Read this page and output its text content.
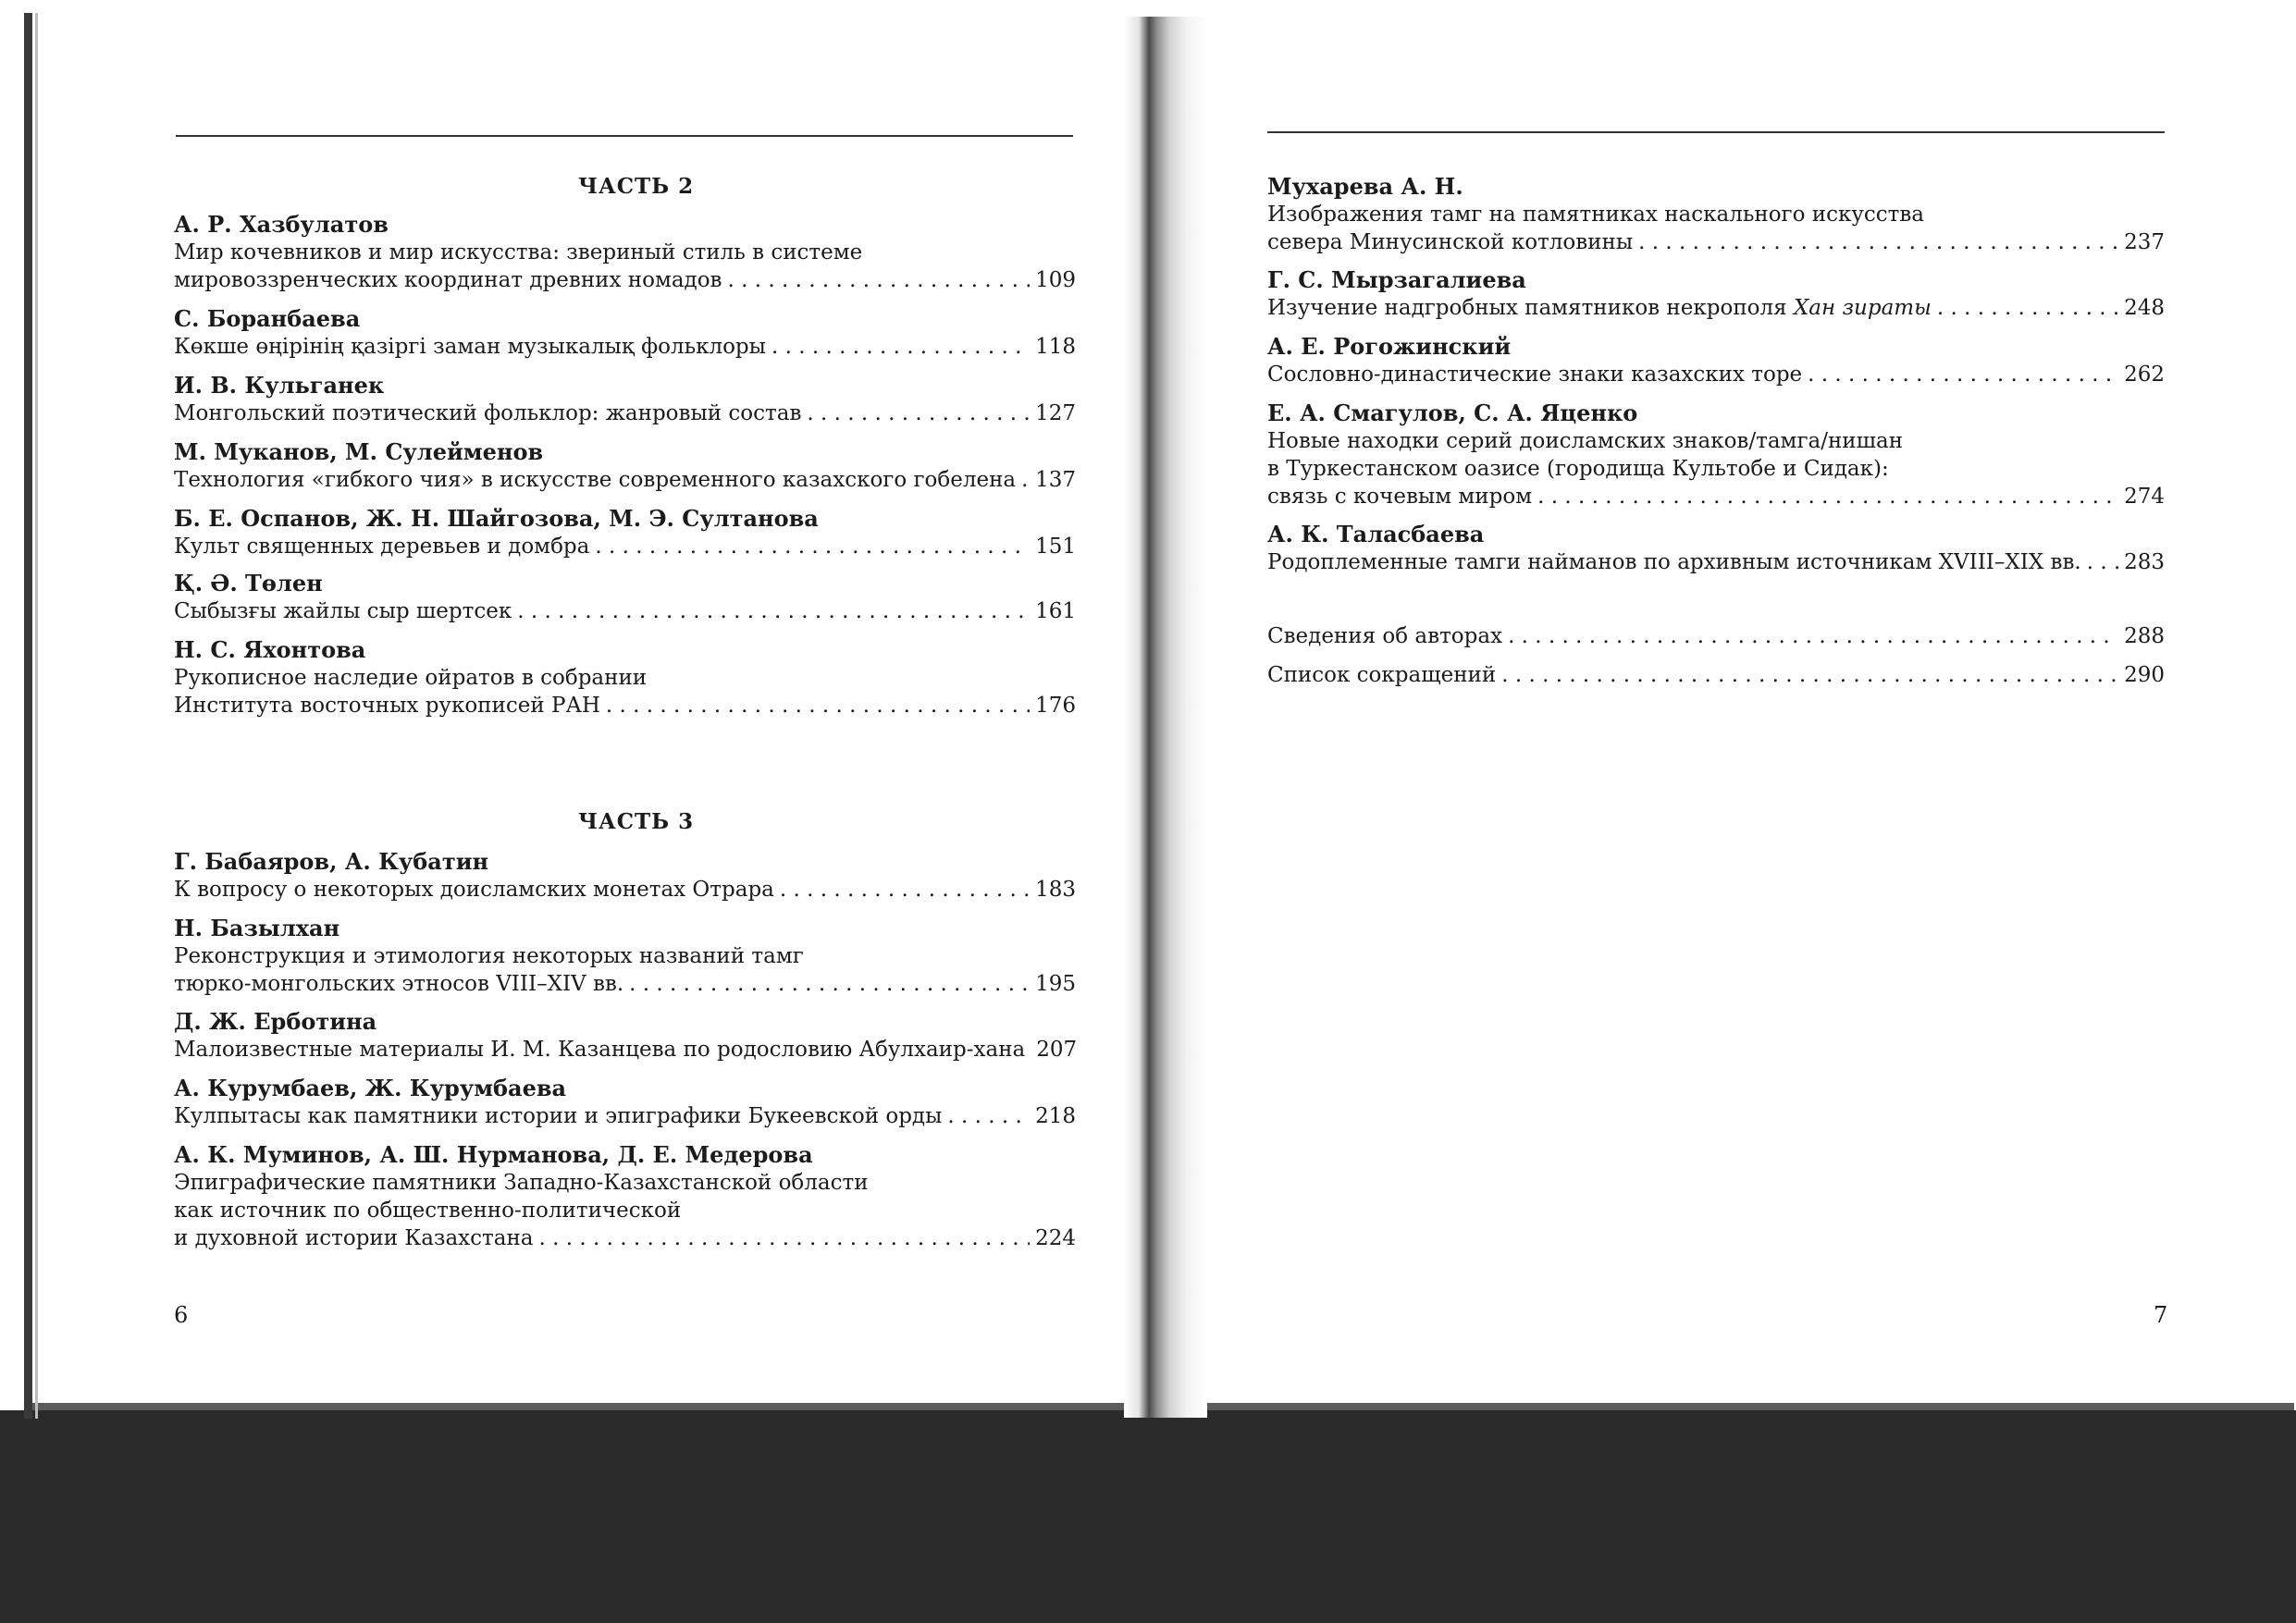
ЧАСТЬ 2
А. Р. Хазбулатов
Мир кочевников и мир искусства: звериный стиль в системе
мировоззренческих координат древних номадов . . .	109
С. Боранбаева
Көкше өңірінің қазіргі заман музыкалық фольклоры . . .	118
И. В. Кульганек
Монгольский поэтический фольклор: жанровый состав . . .	127
М. Муканов, М. Сулейменов
Технология «гибкого чия» в искусстве современного казахского гобелена . . . 137
Б. Е. Оспанов, Ж. Н. Шайгозова, М. Э. Султанова
Культ священных деревьев и домбра . . .	151
Қ. Ә. Төлен
Сыбызғы жайлы сыр шертсек . . .	161
Н. С. Яхонтова
Рукописное наследие ойратов в собрании
Института восточных рукописей РАН . . .	176
ЧАСТЬ 3
Г. Бабаяров, А. Кубатин
К вопросу о некоторых доисламских монетах Отрара . . .	183
Н. Базылхан
Реконструкция и этимология некоторых названий тамг
тюрко-монгольских этносов VIII–XIV вв. . . .	195
Д. Ж. Ерботина
Малоизвестные материалы И. М. Казанцева по родословию Абулхаир-хана 207
А. Курумбаев, Ж. Курумбаева
Кулпытасы как памятники истории и эпиграфики Букеевской орды . . .	218
А. К. Муминов, А. Ш. Нурманова, Д. Е. Медерова
Эпиграфические памятники Западно-Казахстанской области
как источник по общественно-политической
и духовной истории Казахстана . . .	224
6
Мухарева А. Н.
Изображения тамг на памятниках наскального искусства
севера Минусинской котловины . . .	237
Г. С. Мырзагалиева
Изучение надгробных памятников некрополя Хан зираты . . .	248
А. Е. Рогожинский
Сословно-династические знаки казахских торе . . .	262
Е. А. Смагулов, С. А. Яценко
Новые находки серий доисламских знаков/тамга/нишан
в Туркестанском оазисе (городища Культобе и Сидак):
связь с кочевым миром . . .	274
А. К. Таласбаева
Родоплеменные тамги найманов по архивным источникам XVIII–XIX вв. . . . 283
Сведения об авторах . . .	288
Список сокращений . . .	290
7
